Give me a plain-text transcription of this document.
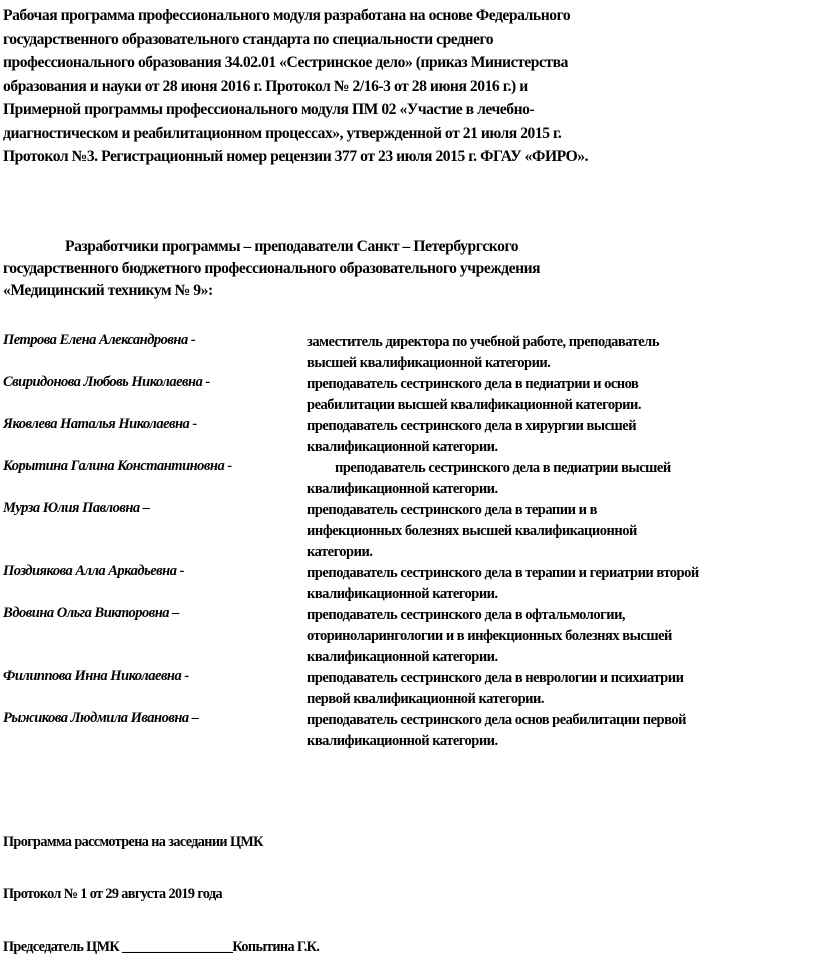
Рабочая программа профессионального модуля разработана на основе Федерального
государственного образовательного стандарта по специальности среднего
профессионального образования 34.02.01 «Сестринское дело» (приказ Министерства
образования и науки от 28 июня 2016 г. Протокол № 2/16-3 от 28 июня 2016 г.) и
Примерной программы профессионального модуля ПМ 02 «Участие в лечебно-
диагностическом и реабилитационном процессах», утвержденной от 21 июля 2015 г.
Протокол №3. Регистрационный номер рецензии 377 от 23 июля 2015 г. ФГАУ «ФИРО».
Разработчики программы – преподаватели Санкт – Петербургского
государственного бюджетного профессионального образовательного учреждения
«Медицинский техникум № 9»:
Петрова Елена Александровна -	заместитель директора по учебной работе, преподаватель
высшей квалификационной категории.
Свиридонова Любовь Николаевна -	преподаватель сестринского дела в педиатрии и основ
реабилитации высшей квалификационной категории.
Яковлева Наталья Николаевна -	преподаватель сестринского дела в хирургии высшей
квалификационной категории.
Корытина Галина Константиновна -	преподаватель сестринского дела в педиатрии высшей
квалификационной категории.
Мурза Юлия Павловна –	преподаватель сестринского дела в терапии и в
инфекционных болезнях высшей квалификационной
категории.
Поздиякова Алла Аркадьевна -	преподаватель сестринского дела в терапии и гериатрии второй
квалификационной категории.
Вдовина Ольга Викторовна –	преподаватель сестринского дела в офтальмологии,
оториноларингологии и в инфекционных болезнях высшей
квалификационной категории.
Филиппова Инна Николаевна -	преподаватель сестринского дела в неврологии и психиатрии
первой квалификационной категории.
Рыжикова Людмила Ивановна –	преподаватель сестринского дела основ реабилитации первой
квалификационной категории.
Программа рассмотрена на заседании ЦМК
Протокол № 1 от 29 августа 2019 года
Председатель ЦМК _________________Копытина Г.К.
